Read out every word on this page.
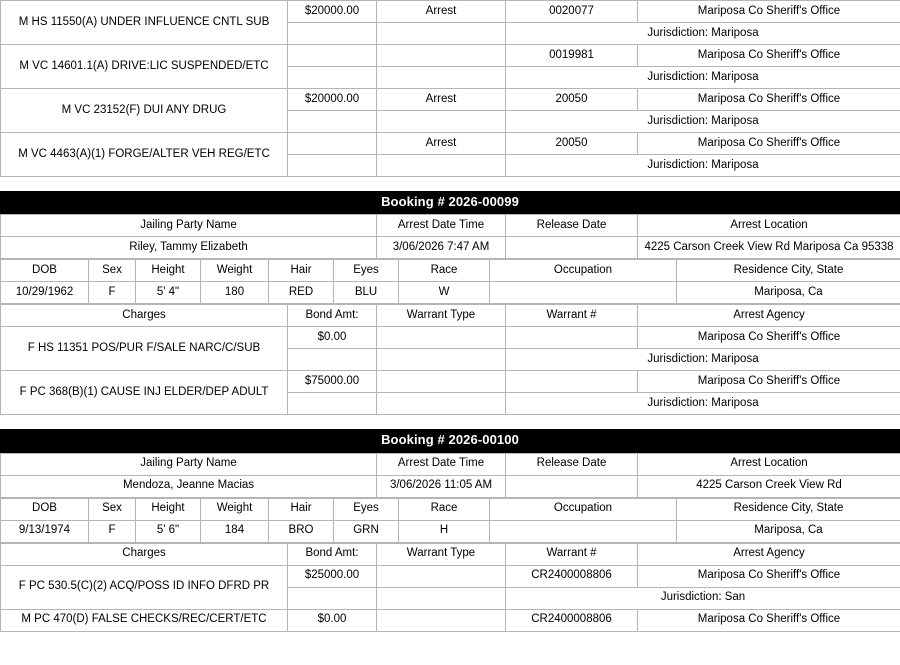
M HS 11550(A) UNDER INFLUENCE CNTL SUB	$20000.00	Arrest	0020077	Mariposa Co Sheriff's Office
			Jurisdiction: Mariposa	
M VC 14601.1(A) DRIVE:LIC SUSPENDED/ETC			0019981	Mariposa Co Sheriff's Office
			Jurisdiction: Mariposa	
M VC 23152(F) DUI ANY DRUG	$20000.00	Arrest	20050	Mariposa Co Sheriff's Office
			Jurisdiction: Mariposa	
M VC 4463(A)(1) FORGE/ALTER VEH REG/ETC		Arrest	20050	Mariposa Co Sheriff's Office
			Jurisdiction: Mariposa	
Booking # 2026-00099
Jailing Party Name	Arrest Date Time	Release Date	Arrest Location
Riley, Tammy Elizabeth	3/06/2026 7:47 AM		4225 Carson Creek View Rd Mariposa Ca 95338
DOB	Sex	Height	Weight	Hair	Eyes	Race	Occupation	Residence City, State
10/29/1962	F	5' 4"	180	RED	BLU	W		Mariposa, Ca
Charges	Bond Amt:	Warrant Type	Warrant #	Arrest Agency
F HS 11351 POS/PUR F/SALE NARC/C/SUB	$0.00			Mariposa Co Sheriff's Office
			Jurisdiction: Mariposa	
F PC 368(B)(1) CAUSE INJ ELDER/DEP ADULT	$75000.00			Mariposa Co Sheriff's Office
			Jurisdiction: Mariposa	
Booking # 2026-00100
Jailing Party Name	Arrest Date Time	Release Date	Arrest Location
Mendoza, Jeanne Macias	3/06/2026 11:05 AM		4225 Carson Creek View Rd
DOB	Sex	Height	Weight	Hair	Eyes	Race	Occupation	Residence City, State
9/13/1974	F	5' 6"	184	BRO	GRN	H		Mariposa, Ca
Charges	Bond Amt:	Warrant Type	Warrant #	Arrest Agency
F PC 530.5(C)(2) ACQ/POSS ID INFO DFRD PR	$25000.00		CR2400008806	Mariposa Co Sheriff's Office
			Jurisdiction: San	
M PC 470(D) FALSE CHECKS/REC/CERT/ETC	$0.00		CR2400008806	Mariposa Co Sheriff's Office
